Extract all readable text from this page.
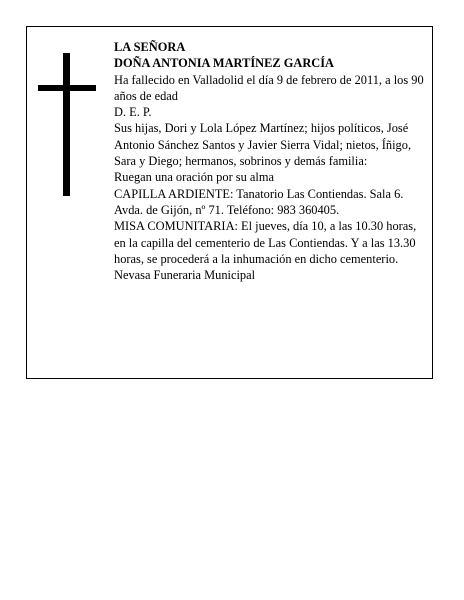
LA SEÑORA

DOÑA ANTONIA MARTÍNEZ GARCÍA

Ha fallecido en Valladolid el día 9 de febrero de 2011, a los 90 años de edad

D. E. P.

Sus hijas, Dori y Lola López Martínez; hijos políticos, José Antonio Sánchez Santos y Javier Sierra Vidal; nietos, Íñigo, Sara y Diego; hermanos, sobrinos y demás familia:

Ruegan una oración por su alma

CAPILLA ARDIENTE: Tanatorio Las Contiendas. Sala 6. Avda. de Gijón, nº 71. Teléfono: 983 360405.

MISA COMUNITARIA: El jueves, día 10, a las 10.30 horas, en la capilla del cementerio de Las Contiendas. Y a las 13.30 horas, se procederá a la inhumación en dicho cementerio.

Nevasa Funeraria Municipal
